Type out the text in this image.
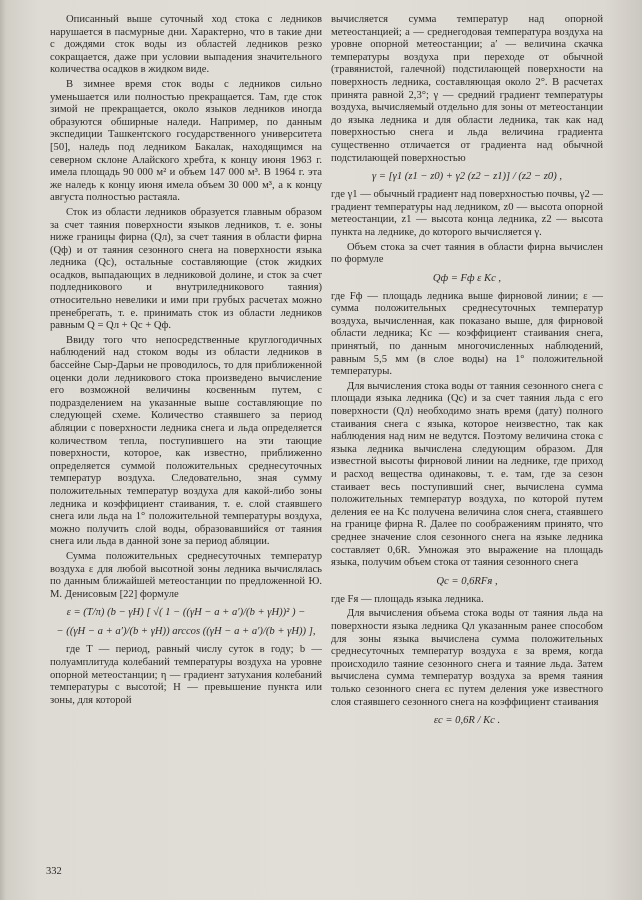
Описанный выше суточный ход стока с ледников нарушается в пасмурные дни. Характерно, что в такие дни с дождями сток воды из областей ледников резко сокращается, даже при условии выпадения значительного количества осадков в жидком виде.

В зимнее время сток воды с ледников сильно уменьшается или полностью прекращается. Там, где сток зимой не прекращается, около языков ледников иногда образуются обширные наледи. Например, по данным экспедиции Ташкентского государственного университета [50], наледь под ледником Бакалак, находящимся на северном склоне Алайского хребта, к концу июня 1963 г. имела площадь 90 000 м² и объем 147 000 м³. В 1964 г. эта же наледь к концу июня имела объем 30 000 м³, а к концу августа полностью растаяла.

Сток из области ледников образуется главным образом за счет таяния поверхности языков ледников, т. е. зоны ниже границы фирна (Qл), за счет таяния в области фирна (Qф) и от таяния сезонного снега на поверхности языка ледника (Qc), остальные составляющие (сток жидких осадков, выпадающих в ледниковой долине, и сток за счет подледникового и внутриледникового таяния) относительно невелики и ими при грубых расчетах можно пренебрегать, т. е. принимать сток из области ледников равным Q = Qл + Qc + Qф.

Ввиду того что непосредственные круглогодичных наблюдений над стоком воды из области ледников в бассейне Сыр-Дарьи не проводилось, то для приближенной оценки доли ледникового стока произведено вычисление его возможной величины косвенным путем, с подразделением на указанные выше составляющие по следующей схеме. Количество стаявшего за период абляции с поверхности ледника снега и льда определяется количеством тепла, поступившего на эти тающие поверхности, которое, как известно, приближенно определяется суммой положительных среднесуточных температур воздуха. Следовательно, зная сумму положительных температур воздуха для какой-либо зоны ледника и коэффициент стаивания, т. е. слой стаявшего снега или льда на 1° положительной температуры воздуха, можно получить слой воды, образовавшийся от таяния снега или льда в данной зоне за период абляции.

Сумма положительных среднесуточных температур воздуха ε для любой высотной зоны ледника вычислялась по данным ближайшей метеостанции по предложенной Ю. М. Денисовым [22] формуле

ε = (T/π) (b − γH) [ √( 1 − ((γH − a + a′)/(b + γH))² ) −
− ((γH − a + a′)/(b + γH)) arccos ((γH − a + a′)/(b + γH)) ],

где T — период, равный числу суток в году; b — полуамплитуда колебаний температуры воздуха на уровне опорной метеостанции; η — градиент затухания колебаний температуры с высотой; H — превышение пункта или зоны, для которой

вычисляется сумма температур над опорной метеостанцией; a — среднегодовая температура воздуха на уровне опорной метеостанции; a′ — величина скачка температуры воздуха при переходе от обычной (травянистой, галечной) подстилающей поверхности на поверхность ледника, составляющая около 2°. В расчетах принята равной 2,3°; γ — средний градиент температуры воздуха, вычисляемый отдельно для зоны от метеостанции до языка ледника и для области ледника, так как над поверхностью снега и льда величина градиента существенно отличается от градиента над обычной подстилающей поверхностью

γ = [γ1 (z1 − z0) + γ2 (z2 − z1)] / (z2 − z0) ,

где γ1 — обычный градиент над поверхностью почвы, γ2 — градиент температуры над ледником, z0 — высота опорной метеостанции, z1 — высота конца ледника, z2 — высота пункта на леднике, до которого вычисляется γ.

Объем стока за счет таяния в области фирна вычислен по формуле

Qф = Fф ε Kc ,

где Fф — площадь ледника выше фирновой линии; ε — сумма положительных среднесуточных температур воздуха, вычисленная, как показано выше, для фирновой области ледника; Kc — коэффициент стаивания снега, принятый, по данным многочисленных наблюдений, равным 5,5 мм (в слое воды) на 1° положительной температуры.

Для вычисления стока воды от таяния сезонного снега с площади языка ледника (Qc) и за счет таяния льда с его поверхности (Qл) необходимо знать время (дату) полного стаивания снега с языка, которое неизвестно, так как наблюдения над ним не ведутся. Поэтому величина стока с языка ледника вычислена следующим образом. Для известной высоты фирновой линии на леднике, где приход и расход вещества одинаковы, т. е. там, где за сезон стаивает весь поступивший снег, вычислена сумма положительных температур воздуха, по которой путем деления ее на Kc получена величина слоя снега, стаявшего на границе фирна R. Далее по соображениям принято, что среднее значение слоя сезонного снега на языке ледника составляет 0,6R. Умножая это выражение на площадь языка, получим объем стока от таяния сезонного снега

Qc = 0,6RFя ,

где Fя — площадь языка ледника.

Для вычисления объема стока воды от таяния льда на поверхности языка ледника Qл указанным ранее способом для зоны языка вычислена сумма положительных среднесуточных температур воздуха ε за время, когда происходило таяние сезонного снега и таяние льда. Затем вычислена сумма температур воздуха за время таяния только сезонного снега εc путем деления уже известного слоя стаявшего сезонного снега на коэффициент стаивания

εc = 0,6R / Kc .
332
